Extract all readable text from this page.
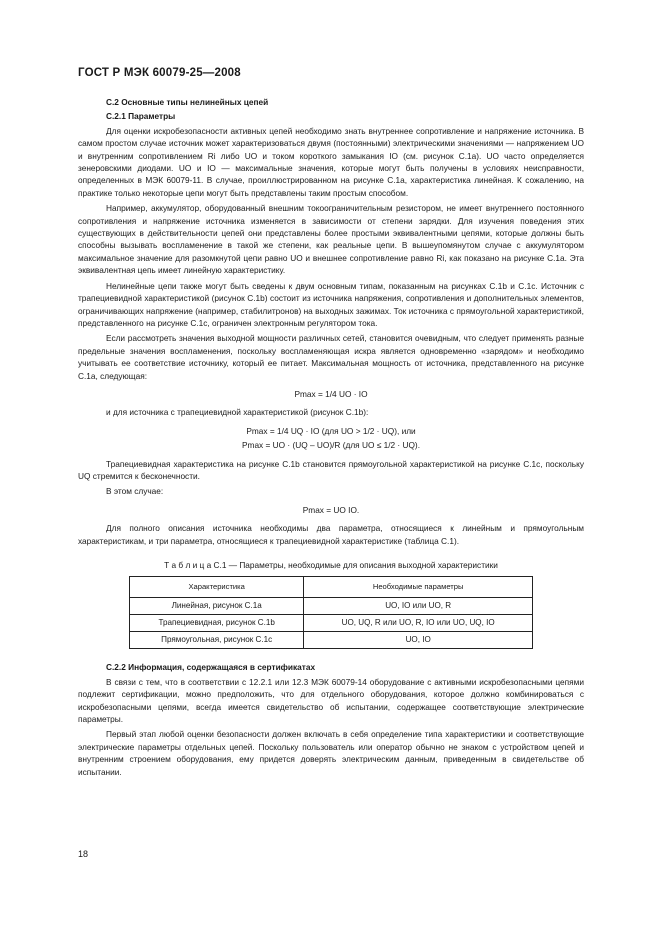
ГОСТ Р МЭК 60079-25—2008
С.2 Основные типы нелинейных цепей
С.2.1 Параметры

Для оценки искробезопасности активных цепей необходимо знать внутреннее сопротивление и напряжение источника. В самом простом случае источник может характеризоваться двумя (постоянными) электрическими значениями — напряжением UO и внутренним сопротивлением Ri либо UO и током короткого замыкания IO (см. рисунок С.1а). UO часто определяется зенеровскими диодами. UO и IO — максимальные значения, которые могут быть получены в условиях неисправности, определенных в МЭК 60079-11. В случае, проиллюстрированном на рисунке С.1а, характеристика линейная. К сожалению, на практике только некоторые цепи могут быть представлены таким простым способом.

Например, аккумулятор, оборудованный внешним токоограничительным резистором, не имеет внутреннего постоянного сопротивления и напряжение источника изменяется в зависимости от степени зарядки. Для изучения поведения этих существующих в действительности цепей они представлены более простыми эквивалентными цепями, которые должны быть способны вызывать воспламенение в такой же степени, как реальные цепи. В вышеупомянутом случае с аккумулятором максимальное значение для разомкнутой цепи равно UO и внешнее сопротивление равно Ri, как показано на рисунке С.1а. Эта эквивалентная цепь имеет линейную характеристику.

Нелинейные цепи также могут быть сведены к двум основным типам, показанным на рисунках С.1b и С.1с. Источник с трапециевидной характеристикой (рисунок С.1b) состоит из источника напряжения, сопротивления и дополнительных элементов, ограничивающих напряжение (например, стабилитронов) на выходных зажимах. Ток источника с прямоугольной характеристикой, представленного на рисунке С.1с, ограничен электронным регулятором тока.

Если рассмотреть значения выходной мощности различных сетей, становится очевидным, что следует применять разные предельные значения воспламенения, поскольку воспламеняющая искра является одновременно «зарядом» и необходимо учитывать ее соответствие источнику, который ее питает. Максимальная мощность от источника, представленного на рисунке С.1а, следующая:

Pmax = 1/4 UO · IO

и для источника с трапециевидной характеристикой (рисунок С.1b):

Pmax = 1/4 UQ · IO (для UO > 1/2 · UQ), или
Pmax = UO · (UQ – UO)/R (для UO ≤ 1/2 · UQ).

Трапециевидная характеристика на рисунке С.1b становится прямоугольной характеристикой на рисунке С.1с, поскольку UQ стремится к бесконечности.

В этом случае:

Pmax = UO IO.

Для полного описания источника необходимы два параметра, относящиеся к линейным и прямоугольным характеристикам, и три параметра, относящиеся к трапециевидной характеристике (таблица С.1).

Т а б л и ц а С.1 — Параметры, необходимые для описания выходной характеристики
Характеристика	Необходимые параметры
Линейная, рисунок С.1а	UO, IO или UO, R
Трапециевидная, рисунок С.1b	UO, UQ, R или UO, R, IO или UO, UQ, IO
Прямоугольная, рисунок С.1с	UO, IO
С.2.2 Информация, содержащаяся в сертификатах

В связи с тем, что в соответствии с 12.2.1 или 12.3 МЭК 60079-14 оборудование с активными искробезопасными цепями подлежит сертификации, можно предположить, что для отдельного оборудования, которое должно комбинироваться с искробезопасными цепями, всегда имеется свидетельство об испытании, содержащее соответствующие электрические параметры.

Первый этап любой оценки безопасности должен включать в себя определение типа характеристики и соответствующие электрические параметры отдельных цепей. Поскольку пользователь или оператор обычно не знаком с устройством цепей и внутренним строением оборудования, ему придется доверять электрическим данным, приведенным в свидетельстве об испытании.

18
